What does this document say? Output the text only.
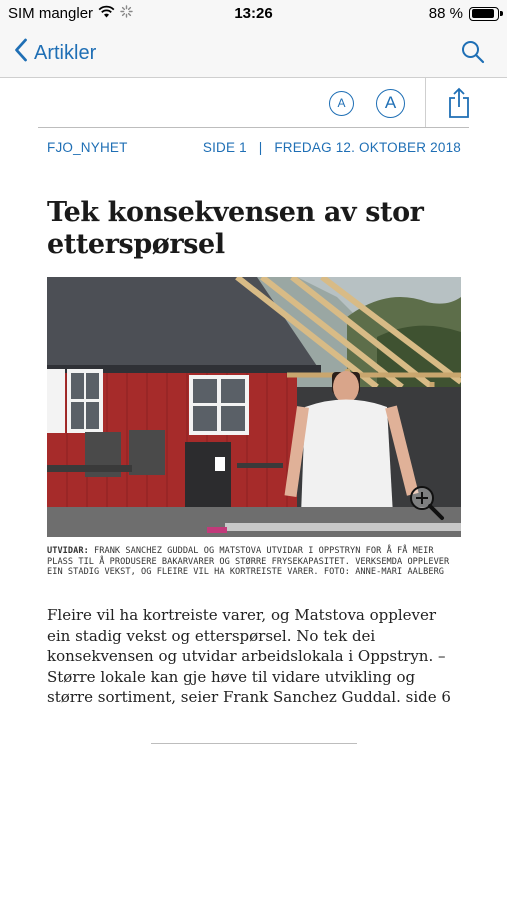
SIM mangler	13:26	88 %
Artikler
A	A
FJO_NYHET	SIDE 1 | FREDAG 12. OKTOBER 2018
Tek konsekvensen av stor etterspørsel

UTVIDAR: FRANK SANCHEZ GUDDAL OG MATSTOVA UTVIDAR I OPPSTRYN FOR Å FÅ MEIR PLASS TIL Å PRODUSERE BAKARVARER OG STØRRE FRYSEKAPASITET. VERKSEMDA OPPLEVER EIN STADIG VEKST, OG FLEIRE VIL HA KORTREISTE VARER. FOTO: ANNE-MARI AALBERG

Fleire vil ha kortreiste varer, og Matstova opplever ein stadig vekst og etterspørsel. No tek dei konsekvensen og utvidar arbeidslokala i Oppstryn. – Større lokale kan gje høve til vidare utvikling og større sortiment, seier Frank Sanchez Guddal. side 6
